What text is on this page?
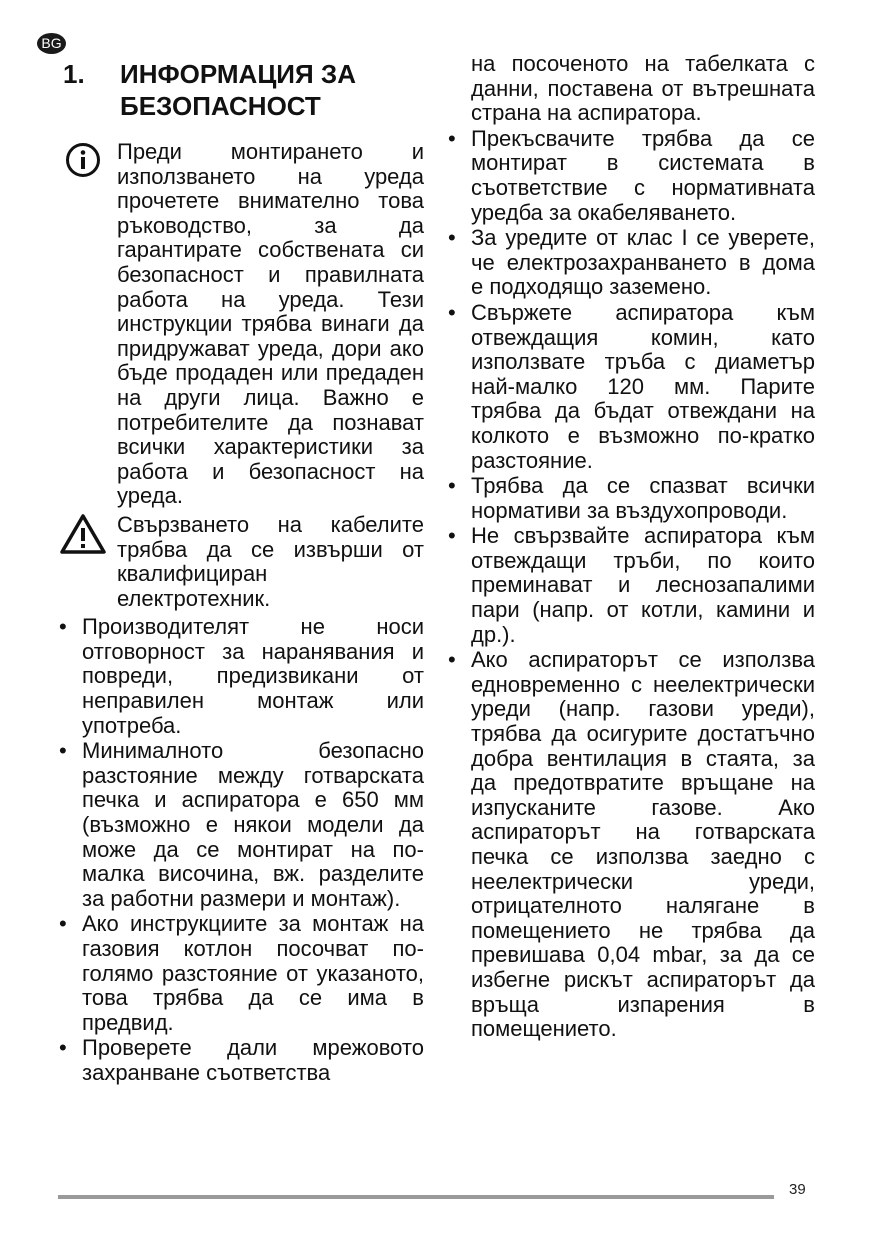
BG
1. ИНФОРМАЦИЯ ЗА БЕЗОПАСНОСТ
Преди монтирането и използването на уреда прочетете внимателно това ръководство, за да гарантирате собствената си безопасност и правилната работа на уреда. Тези инструкции трябва винаги да придружават уреда, дори ако бъде продаден или предаден на други лица. Важно е потребителите да познават всички характеристики за работа и безопасност на уреда.
Свързването на кабелите трябва да се извърши от квалифициран електротехник.
• Производителят не носи отговорност за наранявания и повреди, предизвикани от неправилен монтаж или употреба.
• Минималното безопасно разстояние между готварската печка и аспиратора е 650 мм (възможно е някои модели да може да се монтират на по-малка височина, вж. разделите за работни размери и монтаж).
• Ако инструкциите за монтаж на газовия котлон посочват по-голямо разстояние от указаното, това трябва да се има в предвид.
• Проверете дали мрежовото захранване съответства
на посоченото на табелката с данни, поставена от вътрешната страна на аспиратора.
• Прекъсвачите трябва да се монтират в системата в съответствие с нормативната уредба за окабеляването.
• За уредите от клас I се уверете, че електрозахранването в дома е подходящо заземено.
• Свържете аспиратора към отвеждащия комин, като използвате тръба с диаметър най-малко 120 мм. Парите трябва да бъдат отвеждани на колкото е възможно по-кратко разстояние.
• Трябва да се спазват всички нормативи за въздухопроводи.
• Не свързвайте аспиратора към отвеждащи тръби, по които преминават и леснозапалими пари (напр. от котли, камини и др.).
• Ако аспираторът се използва едновременно с неелектрически уреди (напр. газови уреди), трябва да осигурите достатъчно добра вентилация в стаята, за да предотвратите връщане на изпусканите газове. Ако аспираторът на готварската печка се използва заедно с неелектрически уреди, отрицателното налягане в помещението не трябва да превишава 0,04 mbar, за да се избегне рискът аспираторът да връща изпарения в помещението.
39
